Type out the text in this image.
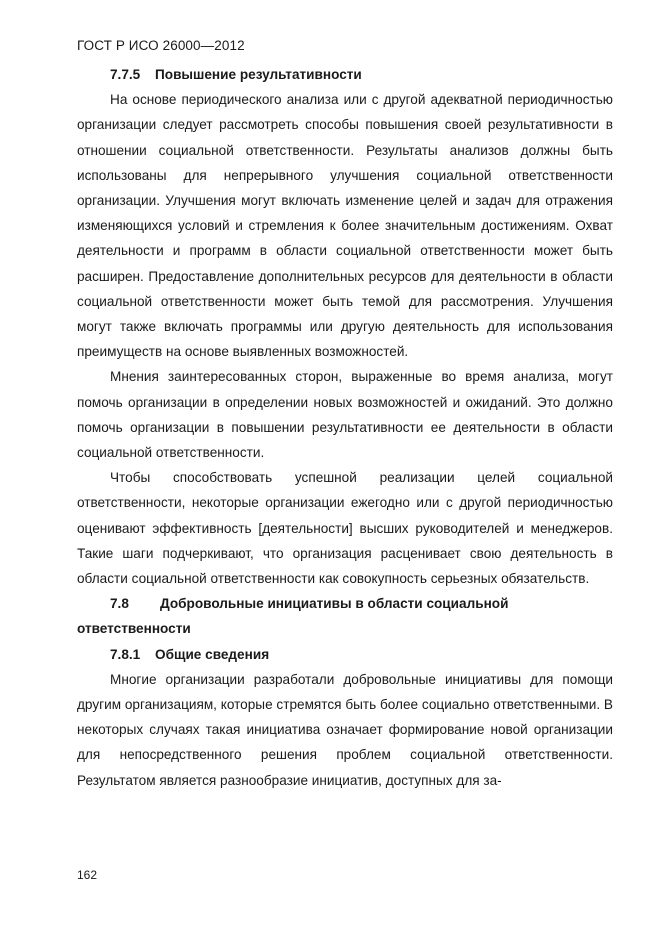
ГОСТ Р ИСО 26000—2012
7.7.5 Повышение результативности

На основе периодического анализа или с другой адекватной периодичностью организации следует рассмотреть способы повышения своей результативности в отношении социальной ответственности. Результаты анализов должны быть использованы для непрерывного улучшения социальной ответственности организации. Улучшения могут включать изменение целей и задач для отражения изменяющихся условий и стремления к более значительным достижениям. Охват деятельности и программ в области социальной ответственности может быть расширен. Предоставление дополнительных ресурсов для деятельности в области социальной ответственности может быть темой для рассмотрения. Улучшения могут также включать программы или другую деятельность для использования преимуществ на основе выявленных возможностей.

Мнения заинтересованных сторон, выраженные во время анализа, могут помочь организации в определении новых возможностей и ожиданий. Это должно помочь организации в повышении результативности ее деятельности в области социальной ответственности.

Чтобы способствовать успешной реализации целей социальной ответственности, некоторые организации ежегодно или с другой периодичностью оценивают эффективность [деятельности] высших руководителей и менеджеров. Такие шаги подчеркивают, что организация расценивает свою деятельность в области социальной ответственности как совокупность серьезных обязательств.

7.8 Добровольные инициативы в области социальной ответственности
7.8.1 Общие сведения

Многие организации разработали добровольные инициативы для помощи другим организациям, которые стремятся быть более социально ответственными. В некоторых случаях такая инициатива означает формирование новой организации для непосредственного решения проблем социальной ответственности. Результатом является разнообразие инициатив, доступных для за-

162
